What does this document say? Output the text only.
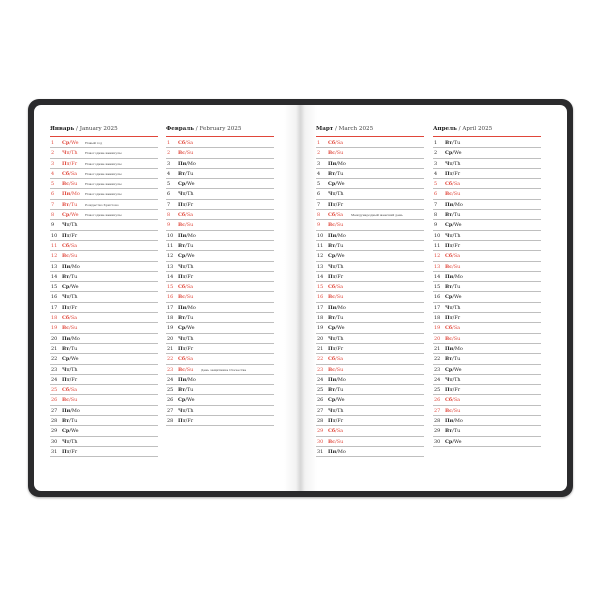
Январь / January 2025
1 Ср/We Новый год
2 Чт/Th Новогодние каникулы
3 Пт/Fr	Новогодние каникулы
4 Сб/Sa	Новогодние каникулы
5 Вс/Su Новогодние каникулы
6 Пн/Mo Новогодние каникулы
7 Вт/Tu	Рождество Христово
8 Ср/We Новогодние каникулы
9 Чт/Th
10 Пт/Fr
11 Сб/Sa
12 Вс/Su
13 Пн/Mo
14 Вт/Tu
15 Ср/We
16 Чт/Th
17 Пт/Fr
18 Сб/Sa
19 Вс/Su
20 Пн/Mo
21 Вт/Tu
22 Ср/We
23 Чт/Th
24 Пт/Fr
25 Сб/Sa
26 Вс/Su
27 Пн/Mo
28 Вт/Tu
29 Ср/We
30 Чт/Th
31 Пт/Fr
Февраль / February 2025
1 Сб/Sa
2 Вс/Su
3 Пн/Mo
4 Вт/Tu
5 Ср/We
6 Чт/Th
7 Пт/Fr
8 Сб/Sa
9 Вс/Su
10 Пн/Mo
11 Вт/Tu
12 Ср/We
13 Чт/Th
14 Пт/Fr
15 Сб/Sa
16 Вс/Su
17 Пн/Mo
18 Вт/Tu
19 Ср/We
20 Чт/Th
21 Пт/Fr
22 Сб/Sa
23 Вс/Su День защитника Отечества
24 Пн/Mo
25 Вт/Tu
26 Ср/We
27 Чт/Th
28 Пт/Fr
Март / March 2025
1 Сб/Sa
2 Вс/Su
3 Пн/Mo
4 Вт/Tu
5 Ср/We
6 Чт/Th
7 Пт/Fr
8 Сб/Sa	Международный женский день
9 Вс/Su
10 Пн/Mo
11 Вт/Tu
12 Ср/We
13 Чт/Th
14 Пт/Fr
15 Сб/Sa
16 Вс/Su
17 Пн/Mo
18 Вт/Tu
19 Ср/We
20 Чт/Th
21 Пт/Fr
22 Сб/Sa
23 Вс/Su
24 Пн/Mo
25 Вт/Tu
26 Ср/We
27 Чт/Th
28 Пт/Fr
29 Сб/Sa
30 Вс/Su
31 Пн/Mo
Апрель / April 2025
1 Вт/Tu
2 Ср/We
3 Чт/Th
4 Пт/Fr
5 Сб/Sa
6 Вс/Su
7 Пн/Mo
8 Вт/Tu
9 Ср/We
10 Чт/Th
11 Пт/Fr
12 Сб/Sa
13 Вс/Su
14 Пн/Mo
15 Вт/Tu
16 Ср/We
17 Чт/Th
18 Пт/Fr
19 Сб/Sa
20 Вс/Su
21 Пн/Mo
22 Вт/Tu
23 Ср/We
24 Чт/Th
25 Пт/Fr
26 Сб/Sa
27 Вс/Su
28 Пн/Mo
29 Вт/Tu
30 Ср/We
